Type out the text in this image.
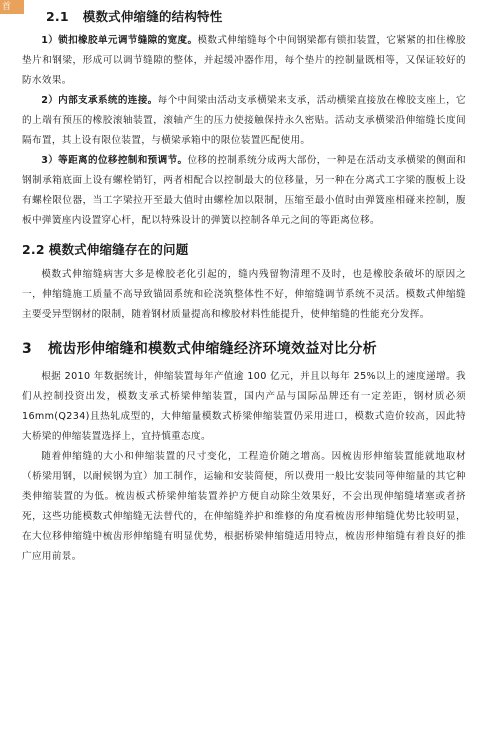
首
2.1 模数式伸缩缝的结构特性

1）锁扣橡胶单元调节缝隙的宽度。模数式伸缩缝每个中间钢梁都有锁扣装置，它紧紧的扣住橡胶垫片和钢梁，形成可以调节缝隙的整体，并起缓冲器作用，每个垫片的控制量既相等，又保证较好的防水效果。

2）内部支承系统的连接。每个中间梁由活动支承横梁来支承，活动横梁直接放在橡胶支座上，它的上端有预压的橡胶滚轴装置，滚轴产生的压力使接触保持永久密贴。活动支承横梁沿伸缩缝长度间隔布置，其上设有限位装置，与横梁承箱中的限位装置匹配使用。

3）等距离的位移控制和预调节。位移的控制系统分成两大部份，一种是在活动支承横梁的侧面和钢制承箱底面上设有螺栓销钉，两者相配合以控制最大的位移量，另一种在分离式工字梁的腹板上设有螺栓限位器，当工字梁拉开至最大值时由螺栓加以限制，压缩至最小值时由弹簧座相碰来控制，腹板中弹簧座内设置穿心杆，配以特殊设计的弹簧以控制各单元之间的等距离位移。

2.2 模数式伸缩缝存在的问题

模数式伸缩缝病害大多是橡胶老化引起的，缝内残留物清理不及时，也是橡胶条破坏的原因之一，伸缩缝施工质量不高导致锚固系统和砼浇筑整体性不好，伸缩缝调节系统不灵活。模数式伸缩缝主要受异型钢材的限制，随着钢材质量提高和橡胶材料性能提升，使伸缩缝的性能充分发挥。

3 梳齿形伸缩缝和模数式伸缩缝经济环境效益对比分析

根据 2010 年数据统计，伸缩装置每年产值逾 100 亿元，并且以每年 25%以上的速度递增。我们从控制投资出发，模数支承式桥梁伸缩装置，国内产品与国际品牌还有一定差距，钢材质必须 16mm(Q234)且热轧成型的，大伸缩量模数式桥梁伸缩装置仍采用进口，模数式造价较高，因此特大桥梁的伸缩装置选择上，宜持慎重态度。

随着伸缩缝的大小和伸缩装置的尺寸变化，工程造价随之增高。因梳齿形伸缩装置能就地取材（桥梁用钢，以耐候钢为宜）加工制作，运输和安装简便，所以费用一般比安装同等伸缩量的其它种类伸缩装置的为低。梳齿板式桥梁伸缩装置养护方便自动除尘效果好，不会出现伸缩缝堵塞或者挤死，这些功能模数式伸缩缝无法替代的，在伸缩缝养护和维修的角度看梳齿形伸缩缝优势比较明显，在大位移伸缩缝中梳齿形伸缩缝有明显优势，根据桥梁伸缩缝适用特点，梳齿形伸缩缝有着良好的推广应用前景。
